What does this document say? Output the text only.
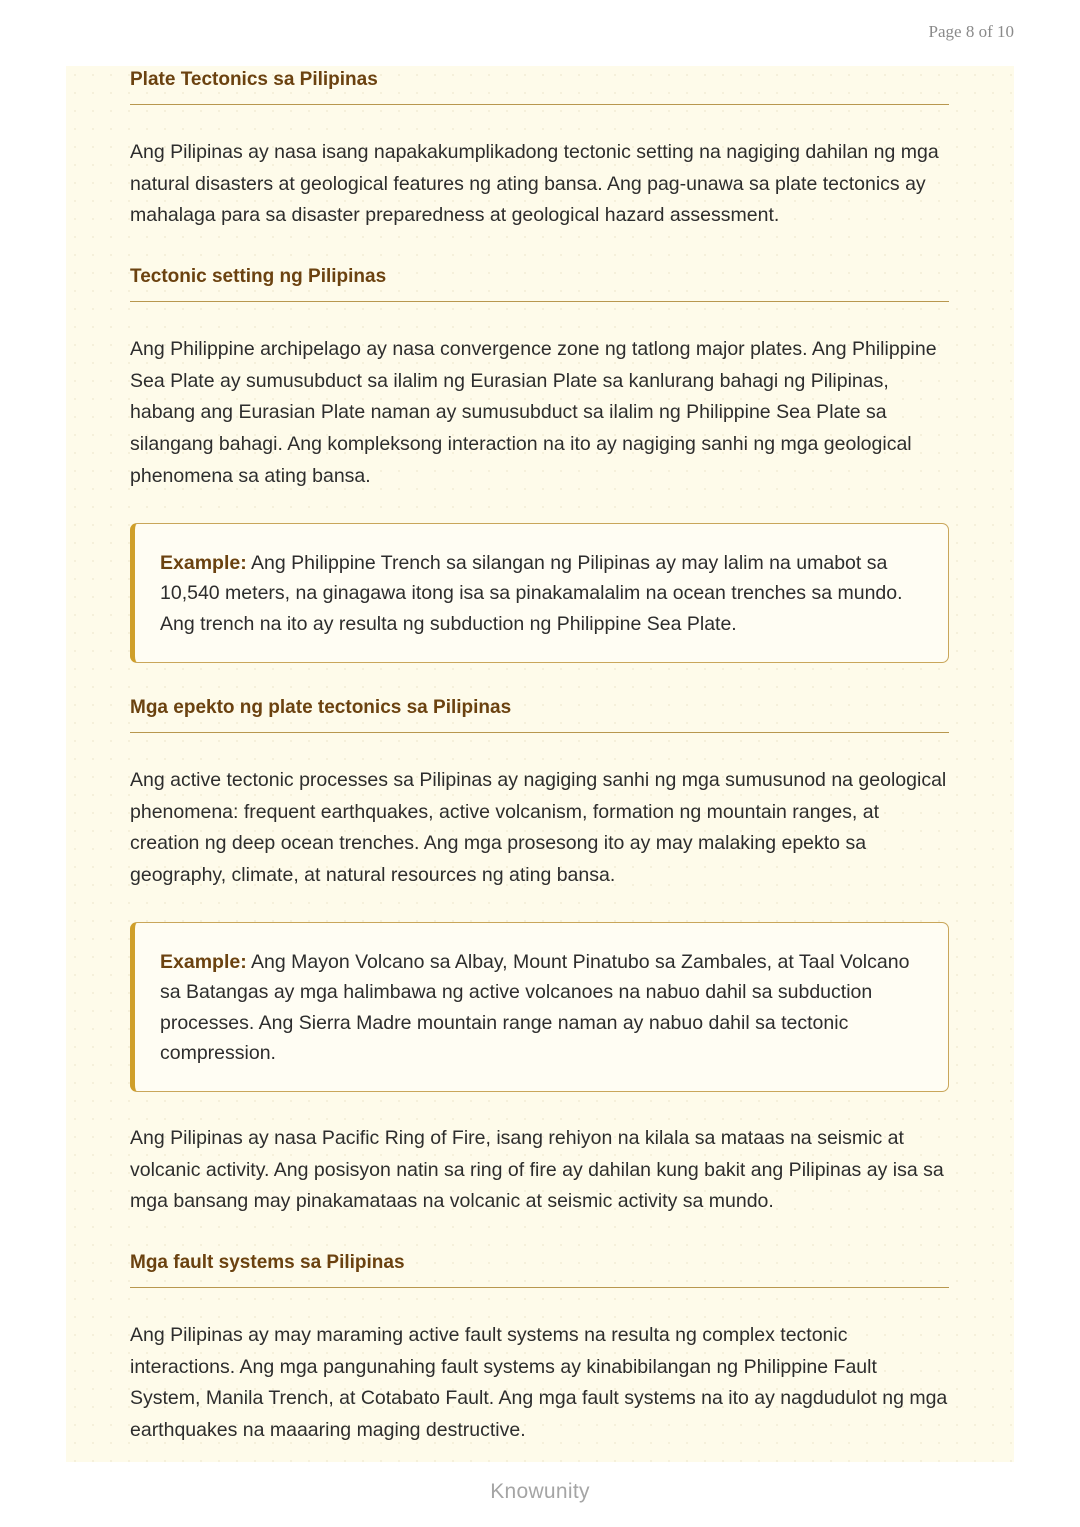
Page 8 of 10
Plate Tectonics sa Pilipinas

Ang Pilipinas ay nasa isang napakakumplikadong tectonic setting na nagiging dahilan ng mga natural disasters at geological features ng ating bansa. Ang pag-unawa sa plate tectonics ay mahalaga para sa disaster preparedness at geological hazard assessment.

Tectonic setting ng Pilipinas

Ang Philippine archipelago ay nasa convergence zone ng tatlong major plates. Ang Philippine Sea Plate ay sumusubduct sa ilalim ng Eurasian Plate sa kanlurang bahagi ng Pilipinas, habang ang Eurasian Plate naman ay sumusubduct sa ilalim ng Philippine Sea Plate sa silangang bahagi. Ang kompleksong interaction na ito ay nagiging sanhi ng mga geological phenomena sa ating bansa.

Example: Ang Philippine Trench sa silangan ng Pilipinas ay may lalim na umabot sa 10,540 meters, na ginagawa itong isa sa pinakamalalim na ocean trenches sa mundo. Ang trench na ito ay resulta ng subduction ng Philippine Sea Plate.

Mga epekto ng plate tectonics sa Pilipinas

Ang active tectonic processes sa Pilipinas ay nagiging sanhi ng mga sumusunod na geological phenomena: frequent earthquakes, active volcanism, formation ng mountain ranges, at creation ng deep ocean trenches. Ang mga prosesong ito ay may malaking epekto sa geography, climate, at natural resources ng ating bansa.

Example: Ang Mayon Volcano sa Albay, Mount Pinatubo sa Zambales, at Taal Volcano sa Batangas ay mga halimbawa ng active volcanoes na nabuo dahil sa subduction processes. Ang Sierra Madre mountain range naman ay nabuo dahil sa tectonic compression.

Ang Pilipinas ay nasa Pacific Ring of Fire, isang rehiyon na kilala sa mataas na seismic at volcanic activity. Ang posisyon natin sa ring of fire ay dahilan kung bakit ang Pilipinas ay isa sa mga bansang may pinakamataas na volcanic at seismic activity sa mundo.

Mga fault systems sa Pilipinas

Ang Pilipinas ay may maraming active fault systems na resulta ng complex tectonic interactions. Ang mga pangunahing fault systems ay kinabibilangan ng Philippine Fault System, Manila Trench, at Cotabato Fault. Ang mga fault systems na ito ay nagdudulot ng mga earthquakes na maaaring maging destructive.

Knowunity
